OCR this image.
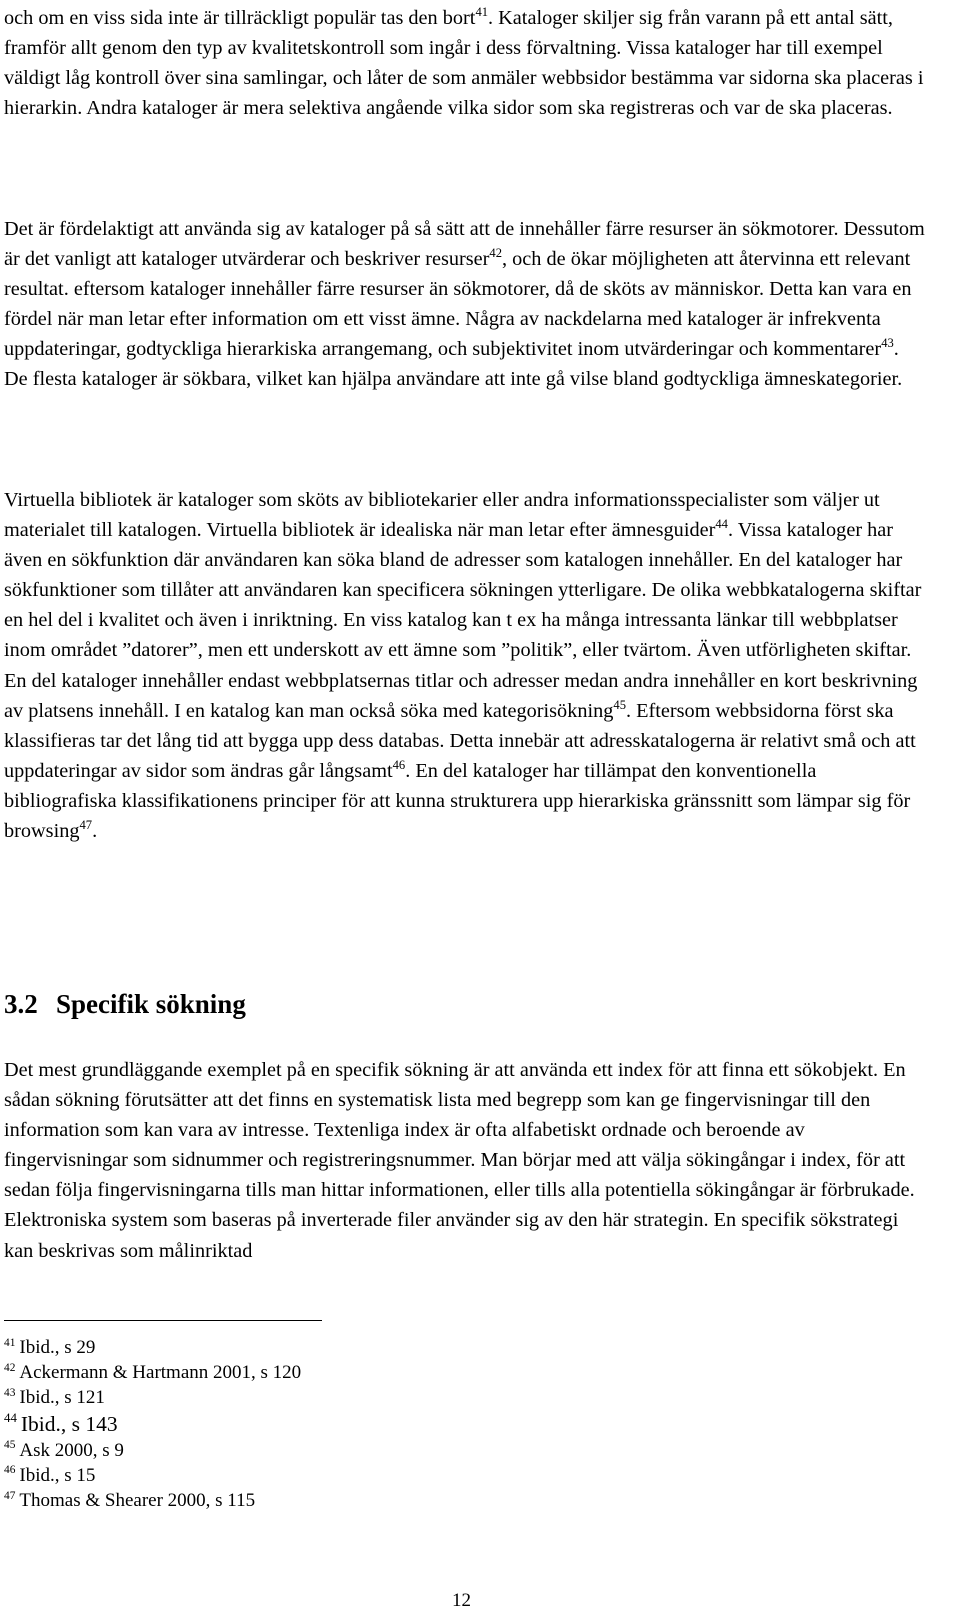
och om en viss sida inte är tillräckligt populär tas den bort$^{41}$. Kataloger skiljer sig från varann på ett antal sätt, framför allt genom den typ av kvalitetskontroll som ingår i dess förvaltning. Vissa kataloger har till exempel väldigt låg kontroll över sina samlingar, och låter de som anmäler webbsidor bestämma var sidorna ska placeras i hierarkin. Andra kataloger är mera selektiva angående vilka sidor som ska registreras och var de ska placeras.

Det är fördelaktigt att använda sig av kataloger på så sätt att de innehåller färre resurser än sökmotorer. Dessutom är det vanligt att kataloger utvärderar och beskriver resurser$^{42}$, och de ökar möjligheten att återvinna ett relevant resultat. eftersom kataloger innehåller färre resurser än sökmotorer, då de sköts av människor. Detta kan vara en fördel när man letar efter information om ett visst ämne. Några av nackdelarna med kataloger är infrekventa uppdateringar, godtyckliga hierarkiska arrangemang, och subjektivitet inom utvärderingar och kommentarer$^{43}$. De flesta kataloger är sökbara, vilket kan hjälpa användare att inte gå vilse bland godtyckliga ämneskategorier.

Virtuella bibliotek är kataloger som sköts av bibliotekarier eller andra informationsspecialister som väljer ut materialet till katalogen. Virtuella bibliotek är idealiska när man letar efter ämnesguider$^{44}$. Vissa kataloger har även en sökfunktion där användaren kan söka bland de adresser som katalogen innehåller. En del kataloger har sökfunktioner som tillåter att användaren kan specificera sökningen ytterligare. De olika webbkatalogerna skiftar en hel del i kvalitet och även i inriktning. En viss katalog kan t ex ha många intressanta länkar till webbplatser inom området ”datorer”, men ett underskott av ett ämne som ”politik”, eller tvärtom. Även utförligheten skiftar. En del kataloger innehåller endast webbplatsernas titlar och adresser medan andra innehåller en kort beskrivning av platsens innehåll. I en katalog kan man också söka med kategorisökning$^{45}$. Eftersom webbsidorna först ska klassifieras tar det lång tid att bygga upp dess databas. Detta innebär att adresskatalogerna är relativt små och att uppdateringar av sidor som ändras går långsamt$^{46}$. En del kataloger har tillämpat den konventionella bibliografiska klassifikationens principer för att kunna strukturera upp hierarkiska gränssnitt som lämpar sig för browsing$^{47}$.

3.2 Specifik sökning

Det mest grundläggande exemplet på en specifik sökning är att använda ett index för att finna ett sökobjekt. En sådan sökning förutsätter att det finns en systematisk lista med begrepp som kan ge fingervisningar till den information som kan vara av intresse. Textenliga index är ofta alfabetiskt ordnade och beroende av fingervisningar som sidnummer och registreringsnummer. Man börjar med att välja sökingångar i index, för att sedan följa fingervisningarna tills man hittar informationen, eller tills alla potentiella sökingångar är förbrukade. Elektroniska system som baseras på inverterade filer använder sig av den här strategin. En specifik sökstrategi kan beskrivas som målinriktad

$^{41}$ Ibid., s 29
$^{42}$ Ackermann & Hartmann 2001, s 120
$^{43}$ Ibid., s 121
$^{44}$ Ibid., s 143
$^{45}$ Ask 2000, s 9
$^{46}$ Ibid., s 15
$^{47}$ Thomas & Shearer 2000, s 115
12
